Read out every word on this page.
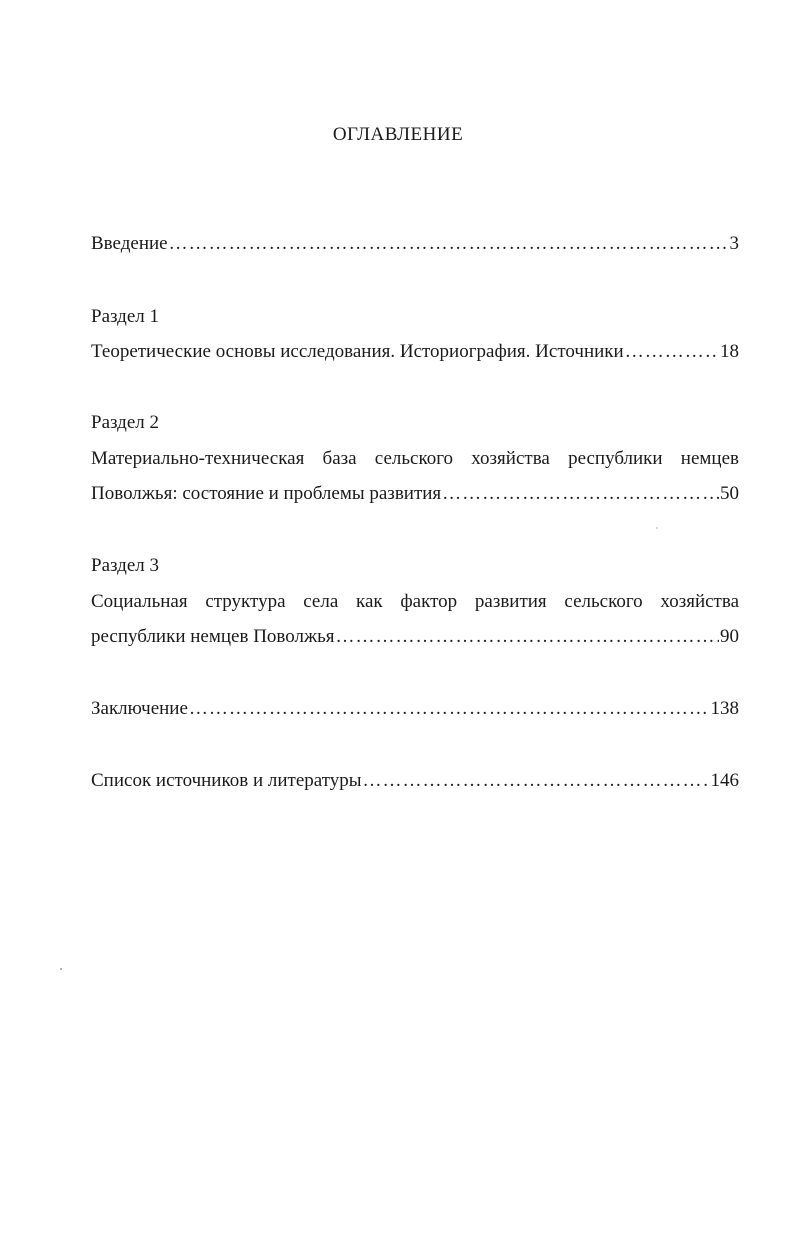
ОГЛАВЛЕНИЕ
Введение ……………………………………………………………………………………………………………………………………………………………	3
Раздел 1
Теоретические основы исследования. Историография. Источники ……………………………………………………………………………………………………………………………………………………………	18
Раздел 2
Материально-техническая база сельского хозяйства республики немцев
Поволжья: состояние и проблемы развития ……………………………………………………………………………………………………………………………………………………………	50
Раздел 3
Социальная структура села как фактор развития сельского хозяйства
республики немцев Поволжья ……………………………………………………………………………………………………………………………………………………………	90
Заключение ……………………………………………………………………………………………………………………………………………………………	138
Список источников и литературы ……………………………………………………………………………………………………………………………………………………………	146
